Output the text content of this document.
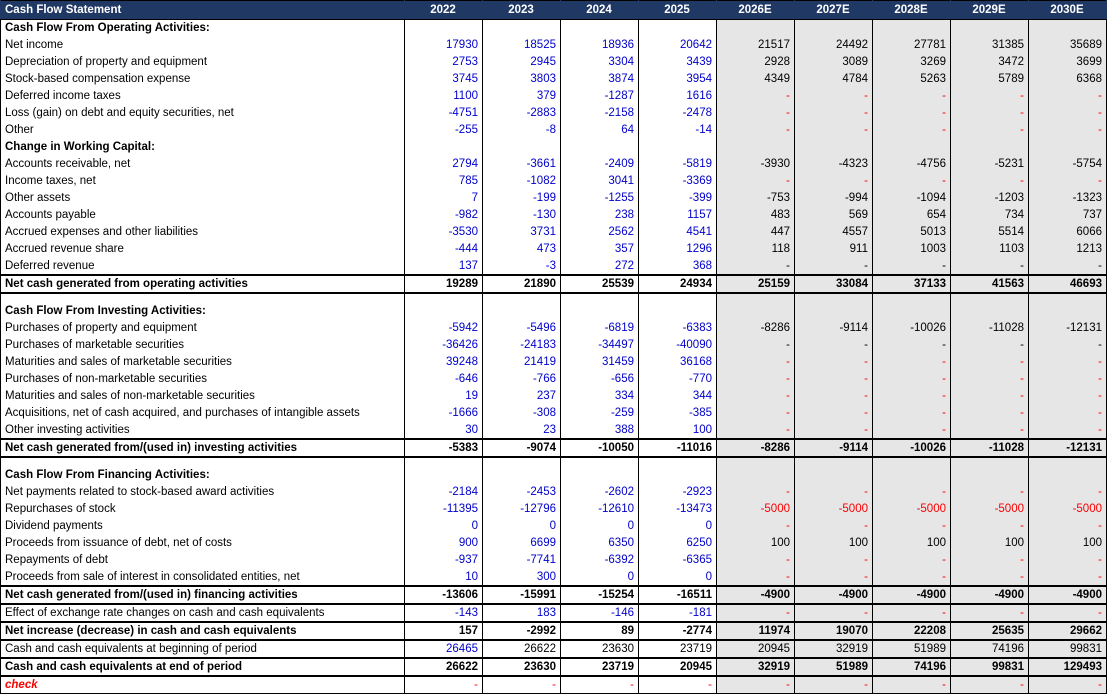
Cash Flow Statement	2022	2023	2024	2025	2026E	2027E	2028E	2029E	2030E
Cash Flow From Operating Activities:									
Net income	17930	18525	18936	20642	21517	24492	27781	31385	35689
Depreciation of property and equipment	2753	2945	3304	3439	2928	3089	3269	3472	3699
Stock-based compensation expense	3745	3803	3874	3954	4349	4784	5263	5789	6368
Deferred income taxes	1100	379	-1287	1616	-	-	-	-	-
Loss (gain) on debt and equity securities, net	-4751	-2883	-2158	-2478	-	-	-	-	-
Other	-255	-8	64	-14	-	-	-	-	-
Change in Working Capital:									
Accounts receivable, net	2794	-3661	-2409	-5819	-3930	-4323	-4756	-5231	-5754
Income taxes, net	785	-1082	3041	-3369	-	-	-	-	-
Other assets	7	-199	-1255	-399	-753	-994	-1094	-1203	-1323
Accounts payable	-982	-130	238	1157	483	569	654	734	737
Accrued expenses and other liabilities	-3530	3731	2562	4541	447	4557	5013	5514	6066
Accrued revenue share	-444	473	357	1296	118	911	1003	1103	1213
Deferred revenue	137	-3	272	368	-	-	-	-	-
Net cash generated from operating activities	19289	21890	25539	24934	25159	33084	37133	41563	46693

Cash Flow From Investing Activities:									
Purchases of property and equipment	-5942	-5496	-6819	-6383	-8286	-9114	-10026	-11028	-12131
Purchases of marketable securities	-36426	-24183	-34497	-40090	-	-	-	-	-
Maturities and sales of marketable securities	39248	21419	31459	36168	-	-	-	-	-
Purchases of non-marketable securities	-646	-766	-656	-770	-	-	-	-	-
Maturities and sales of non-marketable securities	19	237	334	344	-	-	-	-	-
Acquisitions, net of cash acquired, and purchases of intangible assets	-1666	-308	-259	-385	-	-	-	-	-
Other investing activities	30	23	388	100	-	-	-	-	-
Net cash generated from/(used in) investing activities	-5383	-9074	-10050	-11016	-8286	-9114	-10026	-11028	-12131

Cash Flow From Financing Activities:									
Net payments related to stock-based award activities	-2184	-2453	-2602	-2923	-	-	-	-	-
Repurchases of stock	-11395	-12796	-12610	-13473	-5000	-5000	-5000	-5000	-5000
Dividend payments	0	0	0	0	-	-	-	-	-
Proceeds from issuance of debt, net of costs	900	6699	6350	6250	100	100	100	100	100
Repayments of debt	-937	-7741	-6392	-6365	-	-	-	-	-
Proceeds from sale of interest in consolidated entities, net	10	300	0	0	-	-	-	-	-
Net cash generated from/(used in) financing activities	-13606	-15991	-15254	-16511	-4900	-4900	-4900	-4900	-4900
Effect of exchange rate changes on cash and cash equivalents	-143	183	-146	-181	-	-	-	-	-
Net increase (decrease) in cash and cash equivalents	157	-2992	89	-2774	11974	19070	22208	25635	29662
Cash and cash equivalents at beginning of period	26465	26622	23630	23719	20945	32919	51989	74196	99831
Cash and cash equivalents at end of period	26622	23630	23719	20945	32919	51989	74196	99831	129493
check	-	-	-	-	-	-	-	-	-
